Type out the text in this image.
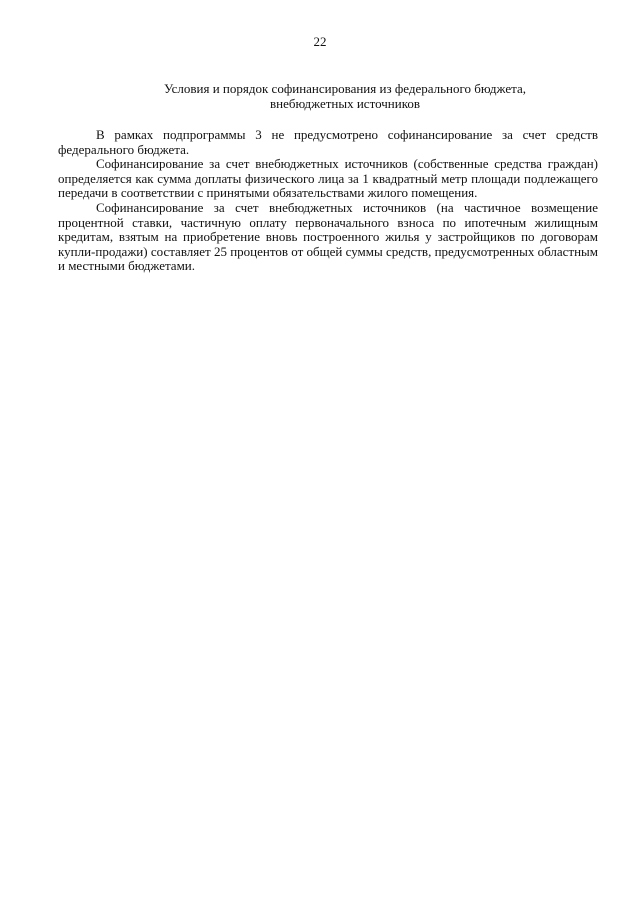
22
Условия и порядок софинансирования из федерального бюджета,
внебюджетных источников

В рамках подпрограммы 3 не предусмотрено софинансирование за счет средств федерального бюджета.

Софинансирование за счет внебюджетных источников (собственные средства граждан) определяется как сумма доплаты физического лица за 1 квадратный метр площади подлежащего передачи в соответствии с принятыми обязательствами жилого помещения.

Софинансирование за счет внебюджетных источников (на частичное возмещение процентной ставки, частичную оплату первоначального взноса по ипотечным жилищным кредитам, взятым на приобретение вновь построенного жилья у застройщиков по договорам купли-продажи) составляет 25 процентов от общей суммы средств, предусмотренных областным и местными бюджетами.
